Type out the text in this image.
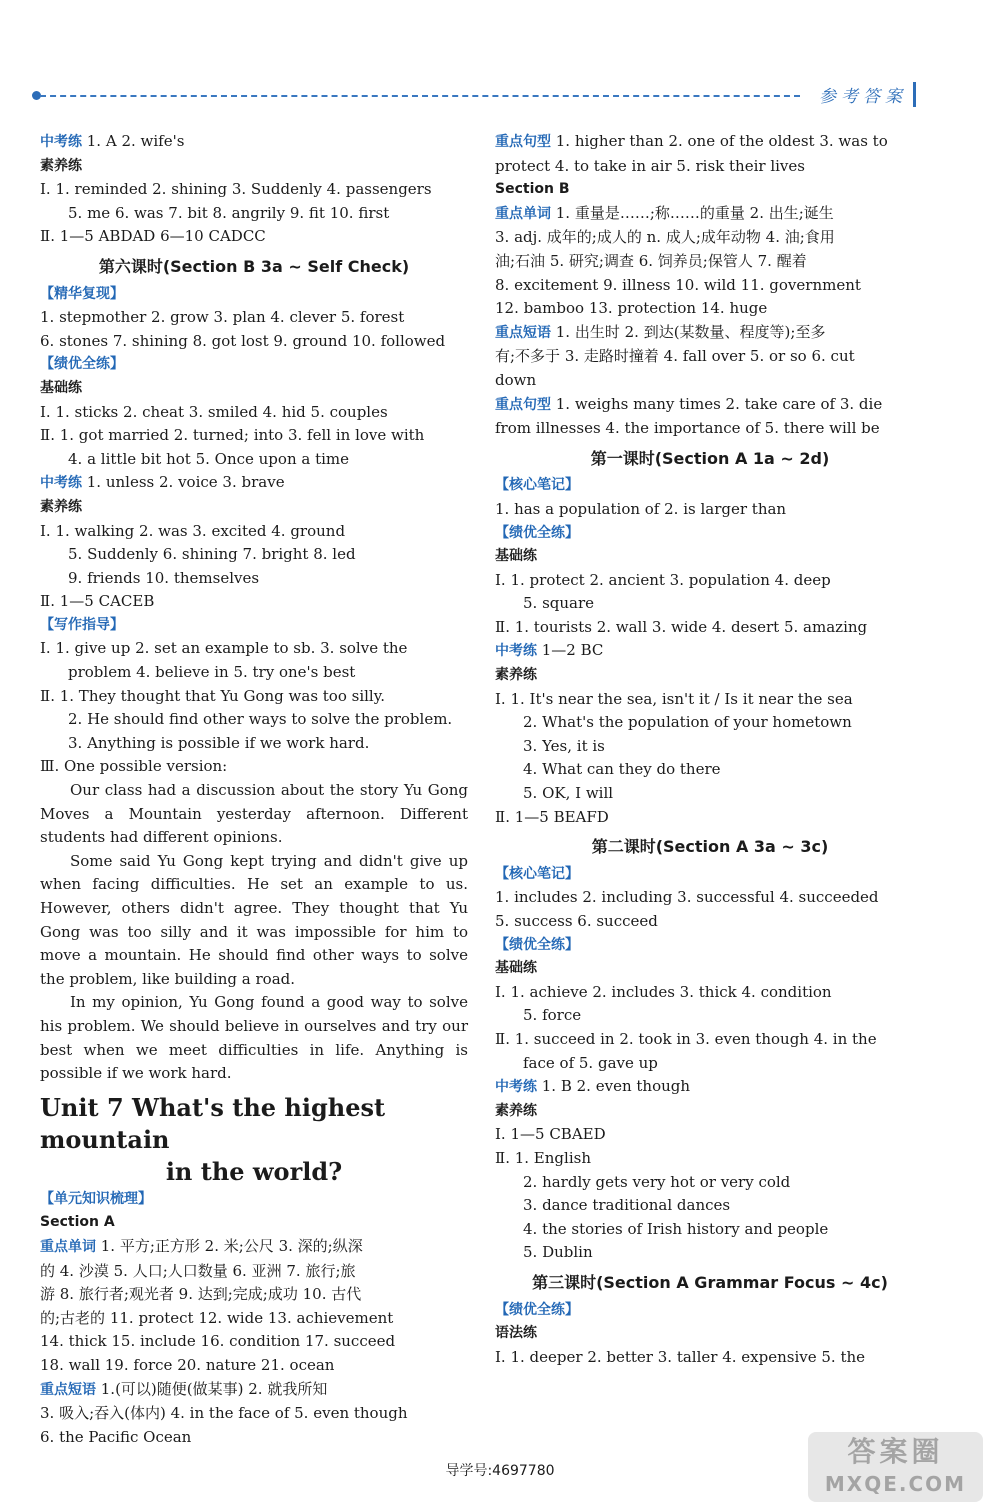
参考答案
中考练 1. A 2. wife's
素养练
Ⅰ. 1. reminded 2. shining 3. Suddenly 4. passengers
5. me 6. was 7. bit 8. angrily 9. fit 10. first
Ⅱ. 1—5 ABDAD 6—10 CADCC
第六课时(Section B 3a ~ Self Check)
【精华复现】
1. stepmother 2. grow 3. plan 4. clever 5. forest
6. stones 7. shining 8. got lost 9. ground 10. followed
【绩优全练】
基础练
Ⅰ. 1. sticks 2. cheat 3. smiled 4. hid 5. couples
Ⅱ. 1. got married 2. turned; into 3. fell in love with
4. a little bit hot 5. Once upon a time
中考练 1. unless 2. voice 3. brave
素养练
Ⅰ. 1. walking 2. was 3. excited 4. ground
5. Suddenly 6. shining 7. bright 8. led
9. friends 10. themselves
Ⅱ. 1—5 CACEB
【写作指导】
Ⅰ. 1. give up 2. set an example to sb. 3. solve the
problem 4. believe in 5. try one's best
Ⅱ. 1. They thought that Yu Gong was too silly.
2. He should find other ways to solve the problem.
3. Anything is possible if we work hard.
Ⅲ. One possible version:
Our class had a discussion about the story Yu Gong Moves a Mountain yesterday afternoon. Different students had different opinions.
Some said Yu Gong kept trying and didn't give up when facing difficulties. He set an example to us. However, others didn't agree. They thought that Yu Gong was too silly and it was impossible for him to move a mountain. He should find other ways to solve the problem, like building a road.
In my opinion, Yu Gong found a good way to solve his problem. We should believe in ourselves and try our best when we meet difficulties in life. Anything is possible if we work hard.
Unit 7 What's the highest mountain
in the world?
【单元知识梳理】
Section A
重点单词 1. 平方;正方形 2. 米;公尺 3. 深的;纵深
的 4. 沙漠 5. 人口;人口数量 6. 亚洲 7. 旅行;旅
游 8. 旅行者;观光者 9. 达到;完成;成功 10. 古代
的;古老的 11. protect 12. wide 13. achievement
14. thick 15. include 16. condition 17. succeed
18. wall 19. force 20. nature 21. ocean
重点短语 1.(可以)随便(做某事) 2. 就我所知
3. 吸入;吞入(体内) 4. in the face of 5. even though
6. the Pacific Ocean
重点句型 1. higher than 2. one of the oldest 3. was to
protect 4. to take in air 5. risk their lives
Section B
重点单词 1. 重量是……;称……的重量 2. 出生;诞生
3. adj. 成年的;成人的 n. 成人;成年动物 4. 油;食用
油;石油 5. 研究;调查 6. 饲养员;保管人 7. 醒着
8. excitement 9. illness 10. wild 11. government
12. bamboo 13. protection 14. huge
重点短语 1. 出生时 2. 到达(某数量、程度等);至多
有;不多于 3. 走路时撞着 4. fall over 5. or so 6. cut
down
重点句型 1. weighs many times 2. take care of 3. die
from illnesses 4. the importance of 5. there will be
第一课时(Section A 1a ~ 2d)
【核心笔记】
1. has a population of 2. is larger than
【绩优全练】
基础练
Ⅰ. 1. protect 2. ancient 3. population 4. deep
5. square
Ⅱ. 1. tourists 2. wall 3. wide 4. desert 5. amazing
中考练 1—2 BC
素养练
Ⅰ. 1. It's near the sea, isn't it / Is it near the sea
2. What's the population of your hometown
3. Yes, it is
4. What can they do there
5. OK, I will
Ⅱ. 1—5 BEAFD
第二课时(Section A 3a ~ 3c)
【核心笔记】
1. includes 2. including 3. successful 4. succeeded
5. success 6. succeed
【绩优全练】
基础练
Ⅰ. 1. achieve 2. includes 3. thick 4. condition
5. force
Ⅱ. 1. succeed in 2. took in 3. even though 4. in the
face of 5. gave up
中考练 1. B 2. even though
素养练
Ⅰ. 1—5 CBAED
Ⅱ. 1. English
2. hardly gets very hot or very cold
3. dance traditional dances
4. the stories of Irish history and people
5. Dublin
第三课时(Section A Grammar Focus ~ 4c)
【绩优全练】
语法练
Ⅰ. 1. deeper 2. better 3. taller 4. expensive 5. the
答案圈
MXQE.COM
导学号:4697780
